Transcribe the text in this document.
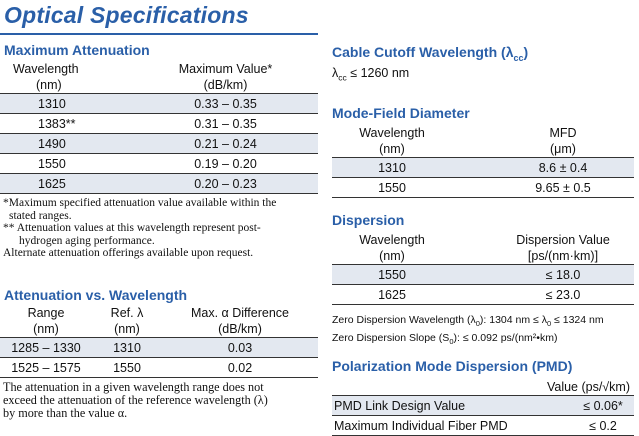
Optical Specifications
Maximum Attenuation
Wavelength	Maximum Value*
(nm)	(dB/km)
1310	0.33 – 0.35
1383**	0.31 – 0.35
1490	0.21 – 0.24
1550	0.19 – 0.20
1625	0.20 – 0.23
*Maximum specified attenuation value available within the
stated ranges.
** Attenuation values at this wavelength represent post-
hydrogen aging performance.
Alternate attenuation offerings available upon request.
Attenuation vs. Wavelength
Range	Ref. λ	Max. α Difference
(nm)	(nm)	(dB/km)
1285 – 1330	1310	0.03
1525 – 1575	1550	0.02
The attenuation in a given wavelength range does not
exceed the attenuation of the reference wavelength (λ)
by more than the value α.
Cable Cutoff Wavelength $(\lambda_{cc})$

$\lambda_{cc} \le 1260$ nm

Mode-Field Diameter
Wavelength	MFD
(nm)	(μm)
1310	8.6 ± 0.4
1550	9.65 ± 0.5
Dispersion
Wavelength	Dispersion Value
(nm)	[ps/(nm·km)]
1550	≤ 18.0
1625	≤ 23.0

Zero Dispersion Wavelength $(\lambda_0)$: 1304 nm ≤ $\lambda_0 \le 1324$ nm

Zero Dispersion Slope $(S_0)$: ≤ 0.092 ps/(nm²•km)

Polarization Mode Dispersion (PMD)
	Value (ps/√km)
PMD Link Design Value	≤ 0.06*
Maximum Individual Fiber PMD	≤ 0.2
